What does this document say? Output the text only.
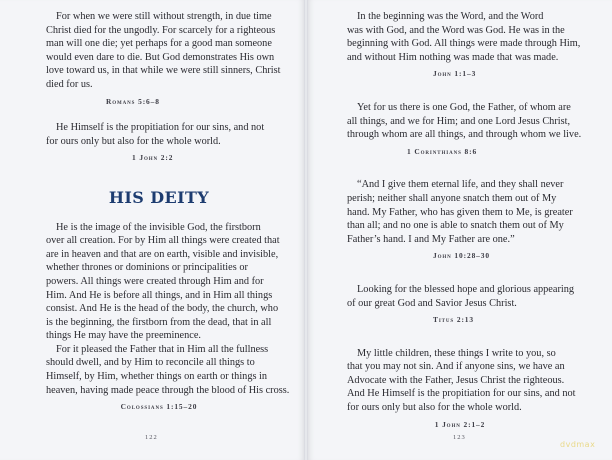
For when we were still without strength, in due time
Christ died for the ungodly. For scarcely for a righteous
man will one die; yet perhaps for a good man someone
would even dare to die. But God demonstrates His own
love toward us, in that while we were still sinners, Christ
died for us.
Romans 5:6–8
He Himself is the propitiation for our sins, and not
for ours only but also for the whole world.
1 John 2:2
HIS DEITY
He is the image of the invisible God, the firstborn
over all creation. For by Him all things were created that
are in heaven and that are on earth, visible and invisible,
whether thrones or dominions or principalities or
powers. All things were created through Him and for
Him. And He is before all things, and in Him all things
consist. And He is the head of the body, the church, who
is the beginning, the firstborn from the dead, that in all
things He may have the preeminence.
For it pleased the Father that in Him all the fullness
should dwell, and by Him to reconcile all things to
Himself, by Him, whether things on earth or things in
heaven, having made peace through the blood of His cross.
Colossians 1:15–20
122
In the beginning was the Word, and the Word
was with God, and the Word was God. He was in the
beginning with God. All things were made through Him,
and without Him nothing was made that was made.
John 1:1–3
Yet for us there is one God, the Father, of whom are
all things, and we for Him; and one Lord Jesus Christ,
through whom are all things, and through whom we live.
1 Corinthians 8:6
“And I give them eternal life, and they shall never
perish; neither shall anyone snatch them out of My
hand. My Father, who has given them to Me, is greater
than all; and no one is able to snatch them out of My
Father’s hand. I and My Father are one.”
John 10:28–30
Looking for the blessed hope and glorious appearing
of our great God and Savior Jesus Christ.
Titus 2:13
My little children, these things I write to you, so
that you may not sin. And if anyone sins, we have an
Advocate with the Father, Jesus Christ the righteous.
And He Himself is the propitiation for our sins, and not
for ours only but also for the whole world.
1 John 2:1–2
123
dvdmax
